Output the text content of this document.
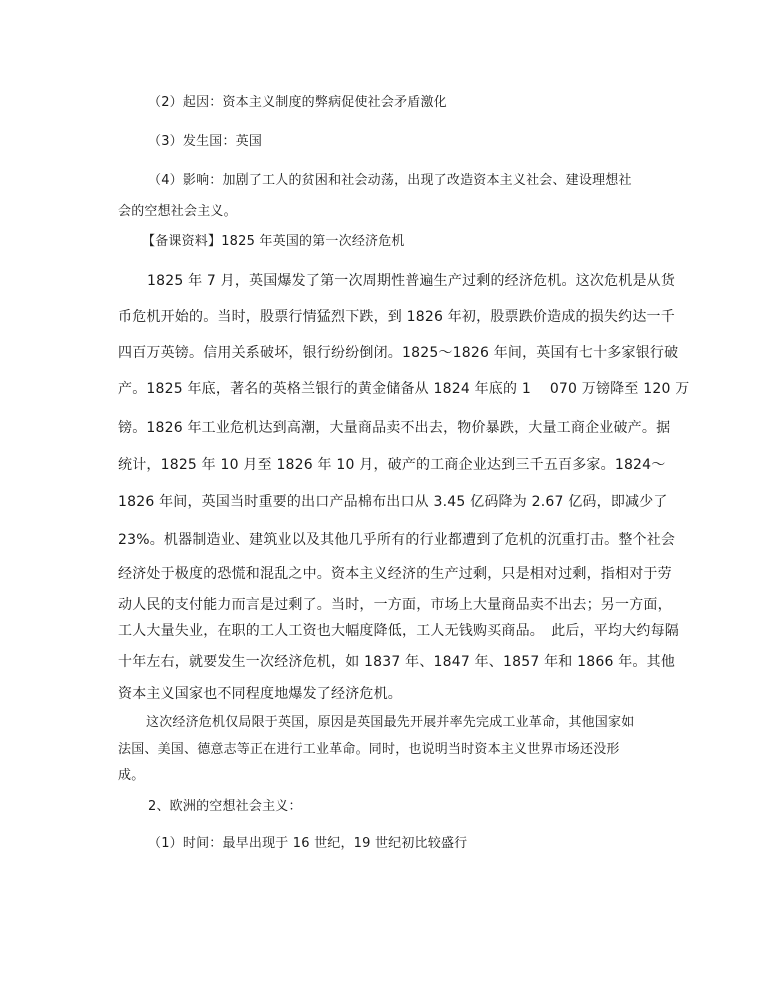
（2）起因：资本主义制度的弊病促使社会矛盾激化
（3）发生国：英国
（4）影响：加剧了工人的贫困和社会动荡，出现了改造资本主义社会、建设理想社
会的空想社会主义。
【备课资料】1825 年英国的第一次经济危机
1825 年 7 月，英国爆发了第一次周期性普遍生产过剩的经济危机。这次危机是从货
币危机开始的。当时，股票行情猛烈下跌，到 1826 年初，股票跌价造成的损失约达一千
四百万英镑。信用关系破坏，银行纷纷倒闭。1825～1826 年间，英国有七十多家银行破
产。1825 年底，著名的英格兰银行的黄金储备从 1824 年底的 1　 070 万镑降至 120 万
镑。1826 年工业危机达到高潮，大量商品卖不出去，物价暴跌，大量工商企业破产。据
统计，1825 年 10 月至 1826 年 10 月，破产的工商企业达到三千五百多家。1824～
1826 年间，英国当时重要的出口产品棉布出口从 3.45 亿码降为 2.67 亿码，即减少了
23%。机器制造业、建筑业以及其他几乎所有的行业都遭到了危机的沉重打击。整个社会
经济处于极度的恐慌和混乱之中。资本主义经济的生产过剩，只是相对过剩，指相对于劳
动人民的支付能力而言是过剩了。当时，一方面，市场上大量商品卖不出去；另一方面，
工人大量失业，在职的工人工资也大幅度降低，工人无钱购买商品。　此后，平均大约每隔
十年左右，就要发生一次经济危机，如 1837 年、1847 年、1857 年和 1866 年。其他
资本主义国家也不同程度地爆发了经济危机。
这次经济危机仅局限于英国，原因是英国最先开展并率先完成工业革命，其他国家如
法国、美国、德意志等正在进行工业革命。同时，也说明当时资本主义世界市场还没形
成。
2、欧洲的空想社会主义：
（1）时间：最早出现于 16 世纪，19 世纪初比较盛行
